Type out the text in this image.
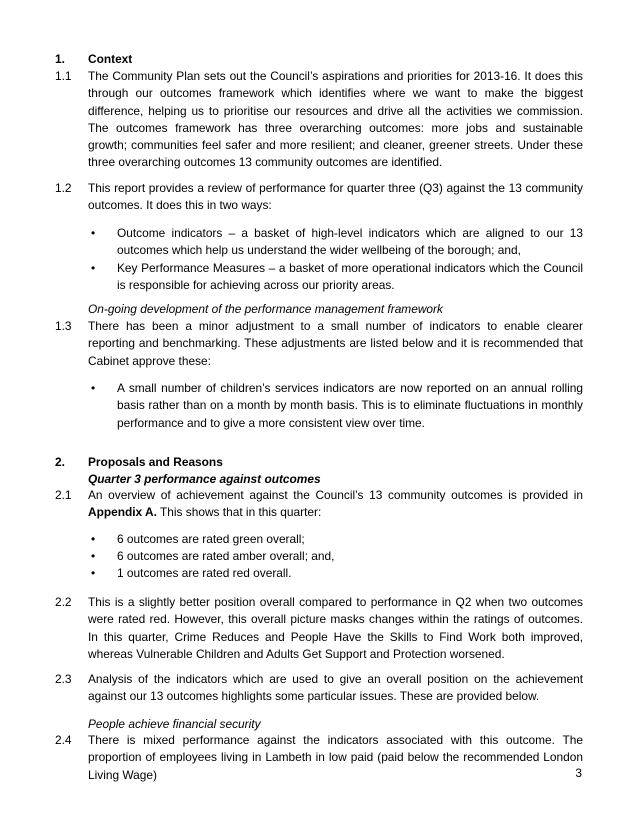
1.	Context
1.1	The Community Plan sets out the Council’s aspirations and priorities for 2013-16. It does this through our outcomes framework which identifies where we want to make the biggest difference, helping us to prioritise our resources and drive all the activities we commission. The outcomes framework has three overarching outcomes: more jobs and sustainable growth; communities feel safer and more resilient; and cleaner, greener streets. Under these three overarching outcomes 13 community outcomes are identified.
1.2	This report provides a review of performance for quarter three (Q3) against the 13 community outcomes. It does this in two ways:
• Outcome indicators – a basket of high-level indicators which are aligned to our 13 outcomes which help us understand the wider wellbeing of the borough; and,
• Key Performance Measures – a basket of more operational indicators which the Council is responsible for achieving across our priority areas.
On-going development of the performance management framework
1.3	There has been a minor adjustment to a small number of indicators to enable clearer reporting and benchmarking. These adjustments are listed below and it is recommended that Cabinet approve these:
• A small number of children’s services indicators are now reported on an annual rolling basis rather than on a month by month basis. This is to eliminate fluctuations in monthly performance and to give a more consistent view over time.
2.	Proposals and Reasons
Quarter 3 performance against outcomes
2.1	An overview of achievement against the Council’s 13 community outcomes is provided in Appendix A. This shows that in this quarter:
• 6 outcomes are rated green overall;
• 6 outcomes are rated amber overall; and,
• 1 outcomes are rated red overall.
2.2	This is a slightly better position overall compared to performance in Q2 when two outcomes were rated red. However, this overall picture masks changes within the ratings of outcomes. In this quarter, Crime Reduces and People Have the Skills to Find Work both improved, whereas Vulnerable Children and Adults Get Support and Protection worsened.
2.3	Analysis of the indicators which are used to give an overall position on the achievement against our 13 outcomes highlights some particular issues. These are provided below.
People achieve financial security
2.4	There is mixed performance against the indicators associated with this outcome. The proportion of employees living in Lambeth in low paid (paid below the recommended London Living Wage)	3
